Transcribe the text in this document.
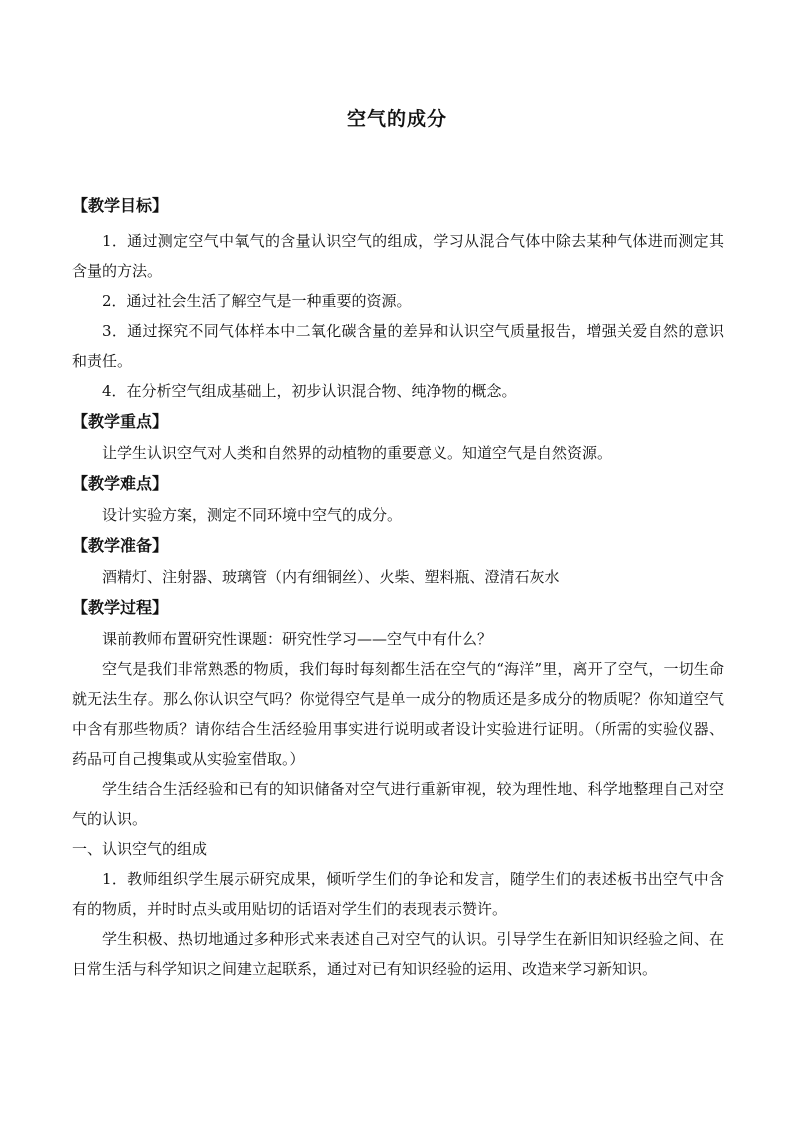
空气的成分
【教学目标】

1．通过测定空气中氧气的含量认识空气的组成，学习从混合气体中除去某种气体进而测定其含量的方法。

2．通过社会生活了解空气是一种重要的资源。

3．通过探究不同气体样本中二氧化碳含量的差异和认识空气质量报告，增强关爱自然的意识和责任。

4．在分析空气组成基础上，初步认识混合物、纯净物的概念。

【教学重点】

让学生认识空气对人类和自然界的动植物的重要意义。知道空气是自然资源。

【教学难点】

设计实验方案，测定不同环境中空气的成分。

【教学准备】

酒精灯、注射器、玻璃管（内有细铜丝）、火柴、塑料瓶、澄清石灰水

【教学过程】

课前教师布置研究性课题：研究性学习——空气中有什么？

空气是我们非常熟悉的物质，我们每时每刻都生活在空气的“海洋”里，离开了空气，一切生命就无法生存。那么你认识空气吗？你觉得空气是单一成分的物质还是多成分的物质呢？你知道空气中含有那些物质？请你结合生活经验用事实进行说明或者设计实验进行证明。（所需的实验仪器、药品可自己搜集或从实验室借取。）

学生结合生活经验和已有的知识储备对空气进行重新审视，较为理性地、科学地整理自己对空气的认识。

一、认识空气的组成

1．教师组织学生展示研究成果，倾听学生们的争论和发言，随学生们的表述板书出空气中含有的物质，并时时点头或用贴切的话语对学生们的表现表示赞许。

学生积极、热切地通过多种形式来表述自己对空气的认识。引导学生在新旧知识经验之间、在日常生活与科学知识之间建立起联系，通过对已有知识经验的运用、改造来学习新知识。
